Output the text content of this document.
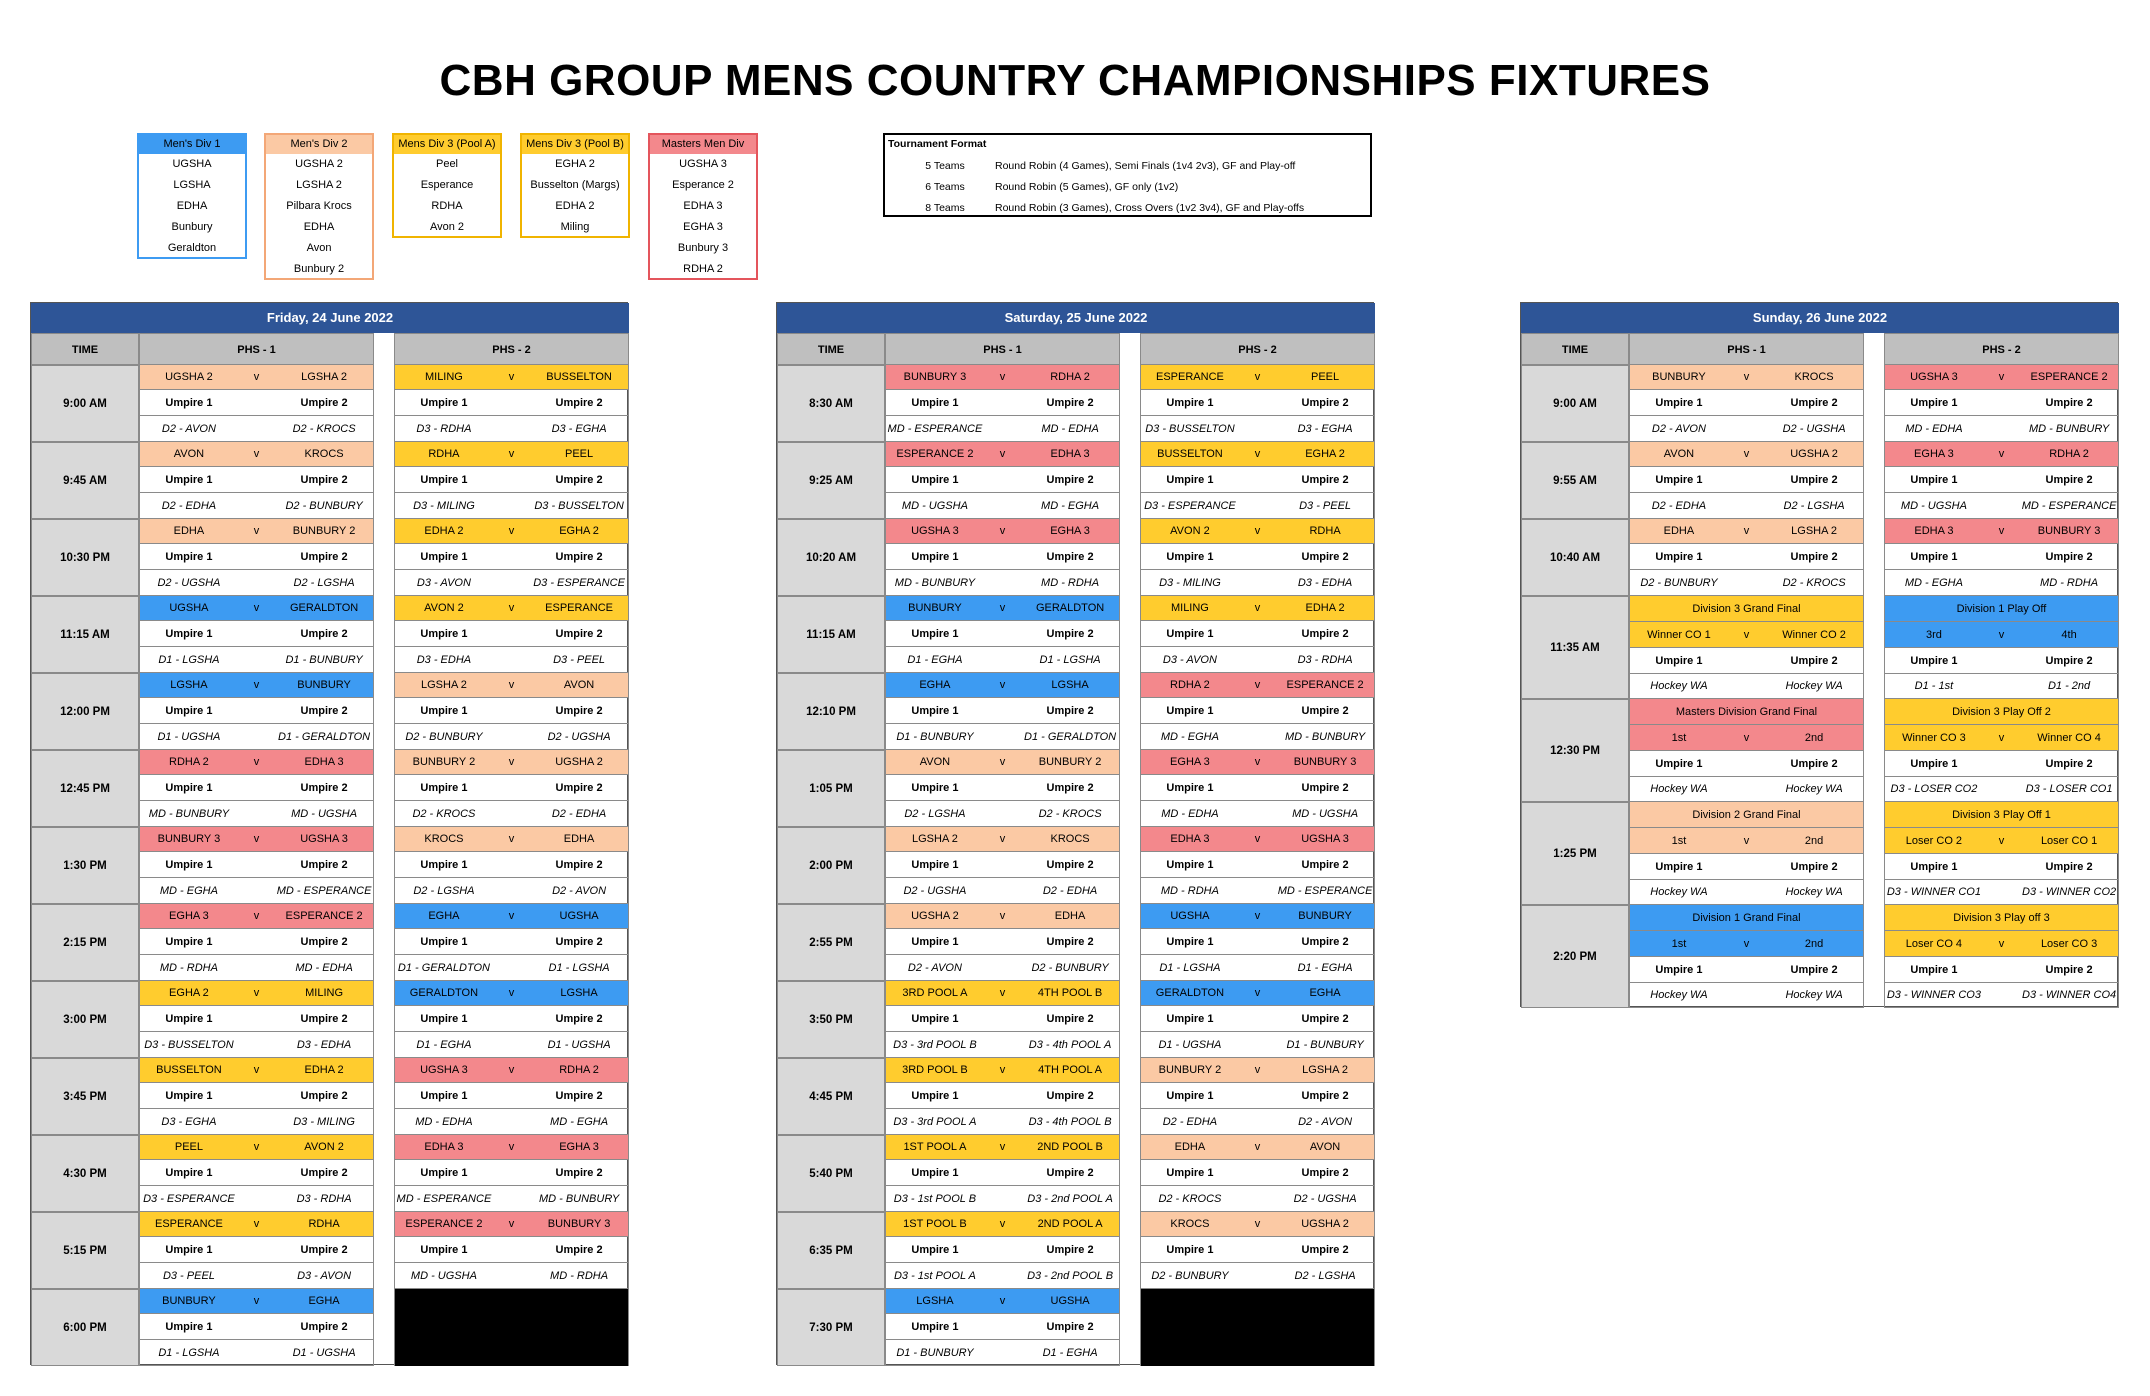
CBH GROUP MENS COUNTRY CHAMPIONSHIPS FIXTURES
Men's Div 1
UGSHA
LGSHA
EDHA
Bunbury
Geraldton
Men's Div 2
UGSHA 2
LGSHA 2
Pilbara Krocs
EDHA
Avon
Bunbury 2
Mens Div 3 (Pool A)
Peel
Esperance
RDHA
Avon 2
Mens Div 3 (Pool B)
EGHA 2
Busselton (Margs)
EDHA 2
Miling
Masters Men Div
UGSHA 3
Esperance 2
EDHA 3
EGHA 3
Bunbury 3
RDHA 2
Tournament Format
5 Teams	Round Robin (4 Games), Semi Finals (1v4 2v3), GF and Play-off
6 Teams	Round Robin (5 Games), GF only (1v2)
8 Teams	Round Robin (3 Games), Cross Overs (1v2 3v4), GF and Play-offs
Friday, 24 June 2022
TIME	PHS - 1	PHS - 2
9:00 AM
UGSHA 2	v	LGSHA 2
Umpire 1	Umpire 2
D2 - AVON	D2 - KROCS
MILING	v	BUSSELTON
Umpire 1	Umpire 2
D3 - RDHA	D3 - EGHA
9:45 AM
AVON	v	KROCS
Umpire 1	Umpire 2
D2 - EDHA	D2 - BUNBURY
RDHA	v	PEEL
Umpire 1	Umpire 2
D3 - MILING	D3 - BUSSELTON
10:30 PM
EDHA	v	BUNBURY 2
Umpire 1	Umpire 2
D2 - UGSHA	D2 - LGSHA
EDHA 2	v	EGHA 2
Umpire 1	Umpire 2
D3 - AVON	D3 - ESPERANCE
11:15 AM
UGSHA	v	GERALDTON
Umpire 1	Umpire 2
D1 - LGSHA	D1 - BUNBURY
AVON 2	v	ESPERANCE
Umpire 1	Umpire 2
D3 - EDHA	D3 - PEEL
12:00 PM
LGSHA	v	BUNBURY
Umpire 1	Umpire 2
D1 - UGSHA	D1 - GERALDTON
LGSHA 2	v	AVON
Umpire 1	Umpire 2
D2 - BUNBURY	D2 - UGSHA
12:45 PM
RDHA 2	v	EDHA 3
Umpire 1	Umpire 2
MD - BUNBURY	MD - UGSHA
BUNBURY 2	v	UGSHA 2
Umpire 1	Umpire 2
D2 - KROCS	D2 - EDHA
1:30 PM
BUNBURY 3	v	UGSHA 3
Umpire 1	Umpire 2
MD - EGHA	MD - ESPERANCE
KROCS	v	EDHA
Umpire 1	Umpire 2
D2 - LGSHA	D2 - AVON
2:15 PM
EGHA 3	v	ESPERANCE 2
Umpire 1	Umpire 2
MD - RDHA	MD - EDHA
EGHA	v	UGSHA
Umpire 1	Umpire 2
D1 - GERALDTON	D1 - LGSHA
3:00 PM
EGHA 2	v	MILING
Umpire 1	Umpire 2
D3 - BUSSELTON	D3 - EDHA
GERALDTON	v	LGSHA
Umpire 1	Umpire 2
D1 - EGHA	D1 - UGSHA
3:45 PM
BUSSELTON	v	EDHA 2
Umpire 1	Umpire 2
D3 - EGHA	D3 - MILING
UGSHA 3	v	RDHA 2
Umpire 1	Umpire 2
MD - EDHA	MD - EGHA
4:30 PM
PEEL	v	AVON 2
Umpire 1	Umpire 2
D3 - ESPERANCE	D3 - RDHA
EDHA 3	v	EGHA 3
Umpire 1	Umpire 2
MD - ESPERANCE	MD - BUNBURY
5:15 PM
ESPERANCE	v	RDHA
Umpire 1	Umpire 2
D3 - PEEL	D3 - AVON
ESPERANCE 2	v	BUNBURY 3
Umpire 1	Umpire 2
MD - UGSHA	MD - RDHA
6:00 PM
BUNBURY	v	EGHA
Umpire 1	Umpire 2
D1 - LGSHA	D1 - UGSHA
Saturday, 25 June 2022
TIME	PHS - 1	PHS - 2
8:30 AM
BUNBURY 3	v	RDHA 2
Umpire 1	Umpire 2
MD - ESPERANCE	MD - EDHA
ESPERANCE	v	PEEL
Umpire 1	Umpire 2
D3 - BUSSELTON	D3 - EGHA
9:25 AM
ESPERANCE 2	v	EDHA 3
Umpire 1	Umpire 2
MD - UGSHA	MD - EGHA
BUSSELTON	v	EGHA 2
Umpire 1	Umpire 2
D3 - ESPERANCE	D3 - PEEL
10:20 AM
UGSHA 3	v	EGHA 3
Umpire 1	Umpire 2
MD - BUNBURY	MD - RDHA
AVON 2	v	RDHA
Umpire 1	Umpire 2
D3 - MILING	D3 - EDHA
11:15 AM
BUNBURY	v	GERALDTON
Umpire 1	Umpire 2
D1 - EGHA	D1 - LGSHA
MILING	v	EDHA 2
Umpire 1	Umpire 2
D3 - AVON	D3 - RDHA
12:10 PM
EGHA	v	LGSHA
Umpire 1	Umpire 2
D1 - BUNBURY	D1 - GERALDTON
RDHA 2	v	ESPERANCE 2
Umpire 1	Umpire 2
MD - EGHA	MD - BUNBURY
1:05 PM
AVON	v	BUNBURY 2
Umpire 1	Umpire 2
D2 - LGSHA	D2 - KROCS
EGHA 3	v	BUNBURY 3
Umpire 1	Umpire 2
MD - EDHA	MD - UGSHA
2:00 PM
LGSHA 2	v	KROCS
Umpire 1	Umpire 2
D2 - UGSHA	D2 - EDHA
EDHA 3	v	UGSHA 3
Umpire 1	Umpire 2
MD - RDHA	MD - ESPERANCE
2:55 PM
UGSHA 2	v	EDHA
Umpire 1	Umpire 2
D2 - AVON	D2 - BUNBURY
UGSHA	v	BUNBURY
Umpire 1	Umpire 2
D1 - LGSHA	D1 - EGHA
3:50 PM
3RD POOL A	v	4TH POOL B
Umpire 1	Umpire 2
D3 - 3rd POOL B	D3 - 4th POOL A
GERALDTON	v	EGHA
Umpire 1	Umpire 2
D1 - UGSHA	D1 - BUNBURY
4:45 PM
3RD POOL B	v	4TH POOL A
Umpire 1	Umpire 2
D3 - 3rd POOL A	D3 - 4th POOL B
BUNBURY 2	v	LGSHA 2
Umpire 1	Umpire 2
D2 - EDHA	D2 - AVON
5:40 PM
1ST POOL A	v	2ND POOL B
Umpire 1	Umpire 2
D3 - 1st POOL B	D3 - 2nd POOL A
EDHA	v	AVON
Umpire 1	Umpire 2
D2 - KROCS	D2 - UGSHA
6:35 PM
1ST POOL B	v	2ND POOL A
Umpire 1	Umpire 2
D3 - 1st POOL A	D3 - 2nd POOL B
KROCS	v	UGSHA 2
Umpire 1	Umpire 2
D2 - BUNBURY	D2 - LGSHA
7:30 PM
LGSHA	v	UGSHA
Umpire 1	Umpire 2
D1 - BUNBURY	D1 - EGHA
Sunday, 26 June 2022
TIME	PHS - 1	PHS - 2
9:00 AM
BUNBURY	v	KROCS
Umpire 1	Umpire 2
D2 - AVON	D2 - UGSHA
UGSHA 3	v	ESPERANCE 2
Umpire 1	Umpire 2
MD - EDHA	MD - BUNBURY
9:55 AM
AVON	v	UGSHA 2
Umpire 1	Umpire 2
D2 - EDHA	D2 - LGSHA
EGHA 3	v	RDHA 2
Umpire 1	Umpire 2
MD - UGSHA	MD - ESPERANCE
10:40 AM
EDHA	v	LGSHA 2
Umpire 1	Umpire 2
D2 - BUNBURY	D2 - KROCS
EDHA 3	v	BUNBURY 3
Umpire 1	Umpire 2
MD - EGHA	MD - RDHA
11:35 AM
Division 3 Grand Final
Winner CO 1	v	Winner CO 2
Umpire 1	Umpire 2
Hockey WA	Hockey WA
Division 1 Play Off
3rd	v	4th
Umpire 1	Umpire 2
D1 - 1st	D1 - 2nd
12:30 PM
Masters Division Grand Final
1st	v	2nd
Umpire 1	Umpire 2
Hockey WA	Hockey WA
Division 3 Play Off 2
Winner CO 3	v	Winner CO 4
Umpire 1	Umpire 2
D3 - LOSER CO2	D3 - LOSER CO1
1:25 PM
Division 2 Grand Final
1st	v	2nd
Umpire 1	Umpire 2
Hockey WA	Hockey WA
Division 3 Play Off 1
Loser CO 2	v	Loser CO 1
Umpire 1	Umpire 2
D3 - WINNER CO1	D3 - WINNER CO2
2:20 PM
Division 1 Grand Final
1st	v	2nd
Umpire 1	Umpire 2
Hockey WA	Hockey WA
Division 3 Play off 3
Loser CO 4	v	Loser CO 3
Umpire 1	Umpire 2
D3 - WINNER CO3	D3 - WINNER CO4
